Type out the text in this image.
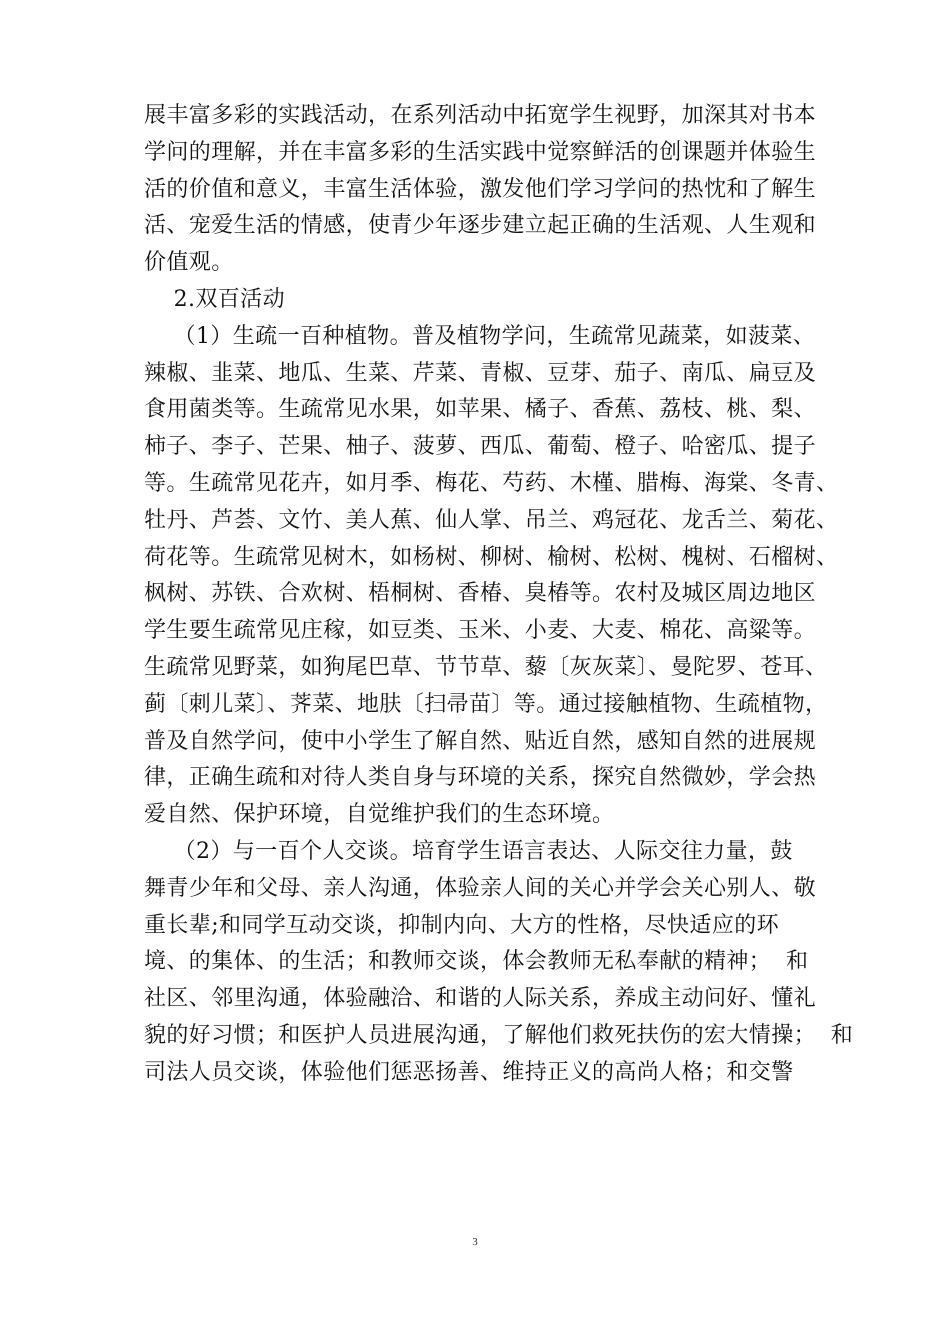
展丰富多彩的实践活动，在系列活动中拓宽学生视野，加深其对书本
学问的理解，并在丰富多彩的生活实践中觉察鲜活的创课题并体验生
活的价值和意义，丰富生活体验，激发他们学习学问的热忱和了解生
活、宠爱生活的情感，使青少年逐步建立起正确的生活观、人生观和
价值观。
2.双百活动
（1）生疏一百种植物。普及植物学问，生疏常见蔬菜，如菠菜、
辣椒、韭菜、地瓜、生菜、芹菜、青椒、豆芽、茄子、南瓜、扁豆及
食用菌类等。生疏常见水果，如苹果、橘子、香蕉、荔枝、桃、梨、
柿子、李子、芒果、柚子、菠萝、西瓜、葡萄、橙子、哈密瓜、提子
等。生疏常见花卉，如月季、梅花、芍药、木槿、腊梅、海棠、冬青、
牡丹、芦荟、文竹、美人蕉、仙人掌、吊兰、鸡冠花、龙舌兰、菊花、
荷花等。生疏常见树木，如杨树、柳树、榆树、松树、槐树、石榴树、
枫树、苏铁、合欢树、梧桐树、香椿、臭椿等。农村及城区周边地区
学生要生疏常见庄稼，如豆类、玉米、小麦、大麦、棉花、高粱等。
生疏常见野菜，如狗尾巴草、节节草、藜〔灰灰菜〕、曼陀罗、苍耳、
蓟〔刺儿菜〕、荠菜、地肤〔扫帚苗〕等。通过接触植物、生疏植物，
普及自然学问，使中小学生了解自然、贴近自然，感知自然的进展规
律，正确生疏和对待人类自身与环境的关系，探究自然微妙，学会热
爱自然、保护环境，自觉维护我们的生态环境。
（2）与一百个人交谈。培育学生语言表达、人际交往力量，鼓
舞青少年和父母、亲人沟通，体验亲人间的关心并学会关心别人、敬
重长辈;和同学互动交谈，抑制内向、大方的性格，尽快适应的环
境、的集体、的生活；和教师交谈，体会教师无私奉献的精神；  和
社区、邻里沟通，体验融洽、和谐的人际关系，养成主动问好、懂礼
貌的好习惯；和医护人员进展沟通，了解他们救死扶伤的宏大情操；  和
司法人员交谈，体验他们惩恶扬善、维持正义的高尚人格；和交警
3
